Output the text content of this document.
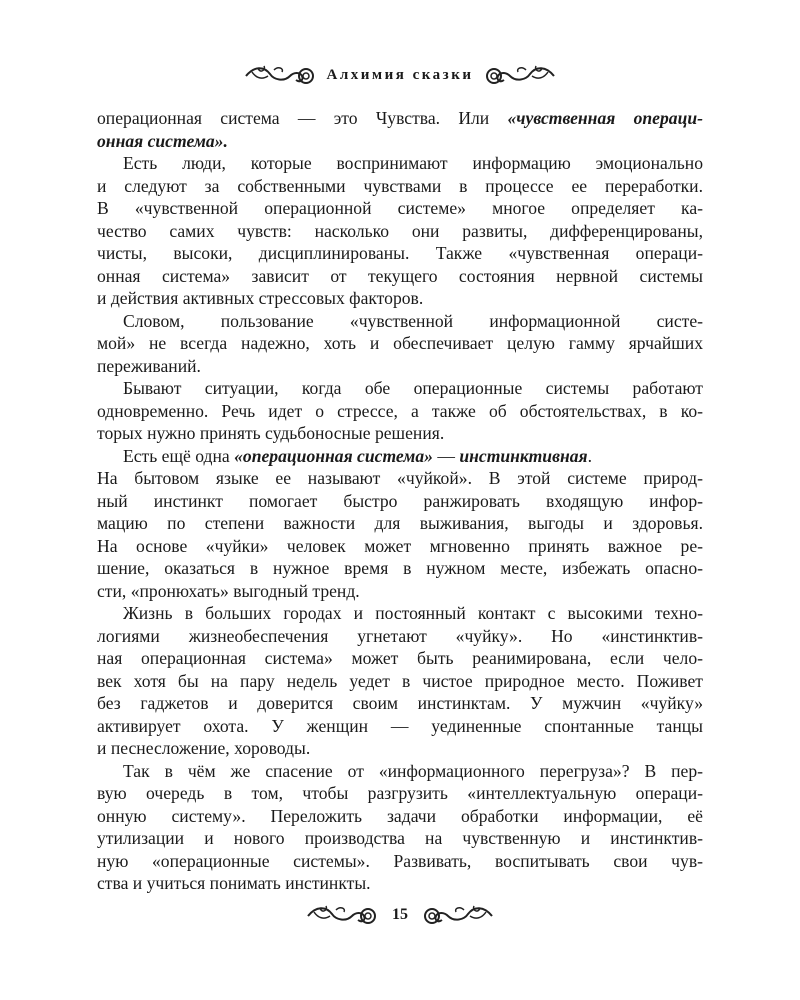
Алхимия сказки
операционная система — это Чувства. Или «чувственная операци-
онная система».
Есть люди, которые воспринимают информацию эмоционально
и следуют за собственными чувствами в процессе ее переработки.
В «чувственной операционной системе» многое определяет ка-
чество самих чувств: насколько они развиты, дифференцированы,
чисты, высоки, дисциплинированы. Также «чувственная операци-
онная система» зависит от текущего состояния нервной системы
и действия активных стрессовых факторов.
Словом, пользование «чувственной информационной систе-
мой» не всегда надежно, хоть и обеспечивает целую гамму ярчайших
переживаний.
Бывают ситуации, когда обе операционные системы работают
одновременно. Речь идет о стрессе, а также об обстоятельствах, в ко-
торых нужно принять судьбоносные решения.
Есть ещё одна «операционная система» — инстинктивная.
На бытовом языке ее называют «чуйкой». В этой системе природ-
ный инстинкт помогает быстро ранжировать входящую инфор-
мацию по степени важности для выживания, выгоды и здоровья.
На основе «чуйки» человек может мгновенно принять важное ре-
шение, оказаться в нужное время в нужном месте, избежать опасно-
сти, «пронюхать» выгодный тренд.
Жизнь в больших городах и постоянный контакт с высокими техно-
логиями жизнеобеспечения угнетают «чуйку». Но «инстинктив-
ная операционная система» может быть реанимирована, если чело-
век хотя бы на пару недель уедет в чистое природное место. Поживет
без гаджетов и доверится своим инстинктам. У мужчин «чуйку»
активирует охота. У женщин — уединенные спонтанные танцы
и песнесложение, хороводы.
Так в чём же спасение от «информационного перегруза»? В пер-
вую очередь в том, чтобы разгрузить «интеллектуальную операци-
онную систему». Переложить задачи обработки информации, её
утилизации и нового производства на чувственную и инстинктив-
ную «операционные системы». Развивать, воспитывать свои чув-
ства и учиться понимать инстинкты.
15
